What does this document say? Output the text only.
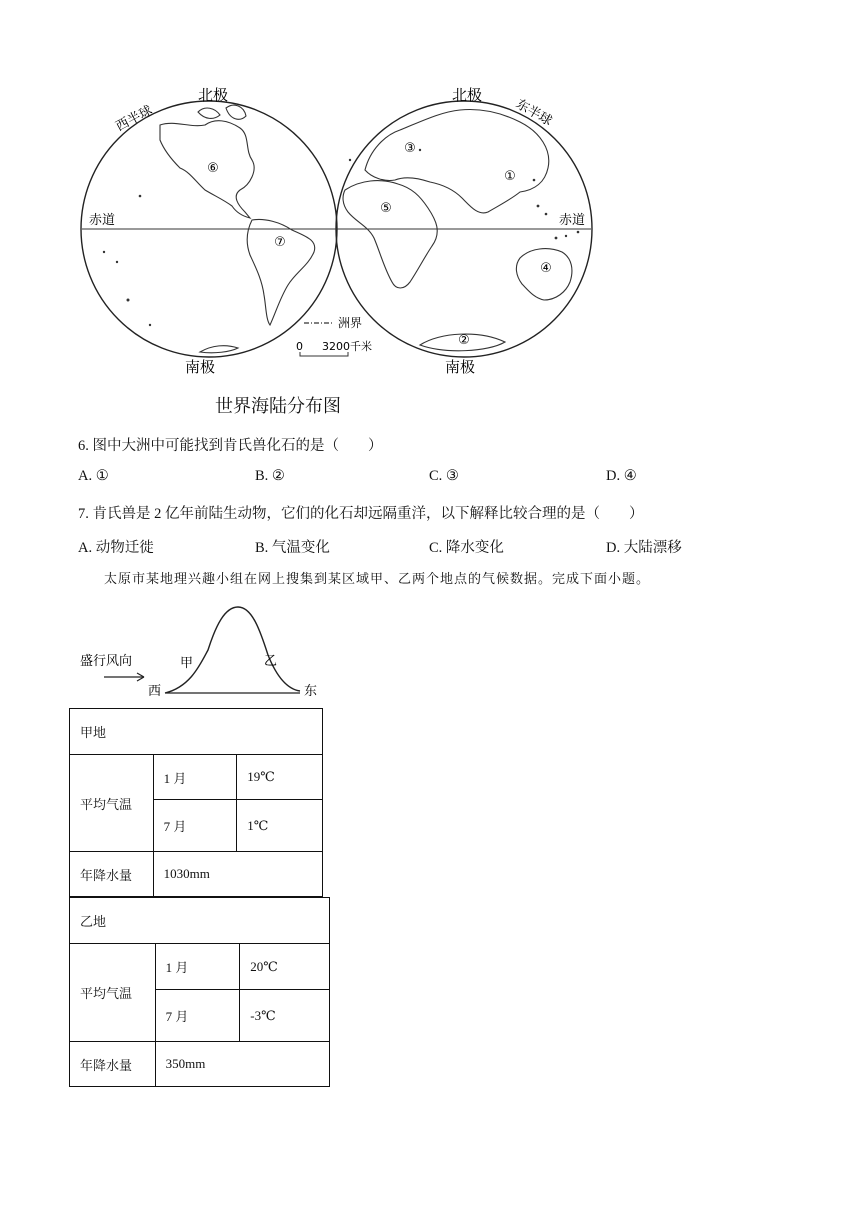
⑥
⑦
③
①
⑤
④
②
北极	北极
南极	南极
西半球	东半球
赤道	赤道
洲界
0 3200千米
世界海陆分布图
6. 图中大洲中可能找到肯氏兽化石的是（　　）
A. ①	B. ②	C. ③	D. ④
7. 肯氏兽是 2 亿年前陆生动物，它们的化石却远隔重洋，以下解释比较合理的是（　　）
A. 动物迁徙	B. 气温变化	C. 降水变化	D. 大陆漂移
太原市某地理兴趣小组在网上搜集到某区域甲、乙两个地点的气候数据。完成下面小题。
盛行风向	甲	乙
西	东
甲地		
平均气温	1 月	19℃
	7 月	1℃
年降水量	1030mm	
乙地		
平均气温	1 月	20℃
	7 月	-3℃
年降水量	350mm	
